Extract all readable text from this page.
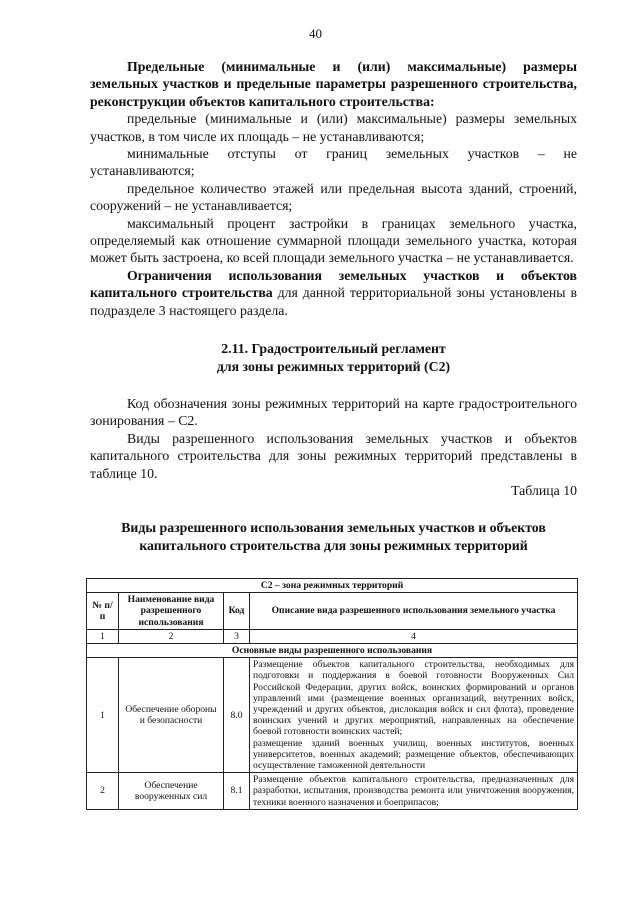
40

Предельные (минимальные и (или) максимальные) размеры земельных участков и предельные параметры разрешенного строительства, реконструкции объектов капитального строительства:

предельные (минимальные и (или) максимальные) размеры земельных участков, в том числе их площадь – не устанавливаются;

минимальные отступы от границ земельных участков – не устанавливаются;

предельное количество этажей или предельная высота зданий, строений, сооружений – не устанавливается;

максимальный процент застройки в границах земельного участка, определяемый как отношение суммарной площади земельного участка, которая может быть застроена, ко всей площади земельного участка – не устанавливается.

Ограничения использования земельных участков и объектов капитального строительства для данной территориальной зоны установлены в подразделе 3 настоящего раздела.

2.11. Градостроительный регламент
для зоны режимных территорий (С2)

Код обозначения зоны режимных территорий на карте градостроительного зонирования – С2.

Виды разрешенного использования земельных участков и объектов капитального строительства для зоны режимных территорий представлены в таблице 10.

Таблица 10

Виды разрешенного использования земельных участков и объектов
капитального строительства для зоны режимных территорий

С2 – зона режимных территорий			
№ п/п	Наименование вида разрешенного использования	Код	Описание вида разрешенного использования земельного участка
1	2	3	4
Основные виды разрешенного использования			
1	Обеспечение обороны и безопасности	8.0	Размещение объектов капитального строительства, необходимых для подготовки и поддержания в боевой готовности Вооруженных Сил Российской Федерации, других войск, воинских формирований и органов управлений ими (размещение военных организаций, внутренних войск, учреждений и других объектов, дислокация войск и сил флота), проведение воинских учений и других мероприятий, направленных на обеспечение боевой готовности воинских частей;
размещение зданий военных училищ, военных институтов, военных университетов, военных академий; размещение объектов, обеспечивающих осуществление таможенной деятельности
2	Обеспечение вооруженных сил	8.1	Размещение объектов капитального строительства, предназначенных для разработки, испытания, производства ремонта или уничтожения вооружения, техники военного назначения и боеприпасов;
